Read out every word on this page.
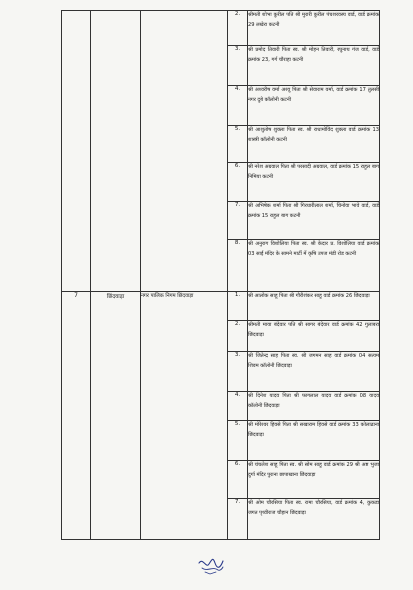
			2.	श्रीमती शोभा कुरील पति श्री मुरारी कुरील पंचशरवस्य वार्ड, वार्ड क्रमांक 29 लखेरा कटनी
			3.	श्री प्रमोद तिवारी पिता स्व. श्री मोहन तिवारी, रघुनाथ गंज वार्ड, वार्ड क्रमांक 23, गर्ग चौराहा कटनी
			4.	श्री अश्वरीष वर्मा अश्वू पिता श्री सेवाराम वर्मा, वार्ड क्रमांक 17 तुलसी नगर दुबे कॉलोनी कटनी
			5.	श्री आशुतोष शुक्ला पिता स्व. श्री राधामोविंद शुक्ला वार्ड क्रमांक 13 शास्त्री कॉलोनी कटनी
			6.	श्री नरेश अग्रवाल पिता श्री परसादी अग्रवाल, वार्ड क्रमांक 15 राहुल बाग निमिया कटनी
			7.	श्री अभिषेक शर्मा पिता श्री गिरधारीलाल शर्मा, चिनोवा भावे वार्ड, वार्ड क्रमांक 15 राहुल बाग कटनी
			8.	श्री अनुराग विशोलिया पिता स्व. श्री केदार प्र. विशोलिया वार्ड क्रमांक 03 साईं मंदिर के सामने मार्टी में कृषि उपज मंडी रोड कटनी
7	छिंदवाड़ा	नगर पालिक निगम छिंदवाड़ा	1.	श्री आलोक साहू पिता श्री गौरीशंकर साहू वार्ड क्रमांक 26 छिंदवाड़ा
			2.	श्रीमती माया बंदेवार पति श्री सागर बंदेवार वार्ड क्रमांक 42 गुलाबरा छिंदवाड़ा
			3.	श्री जितेन्द्र साह पिता स्व. श्री जगमन साह वार्ड क्रमांक 04 सत्यम शिवम कॉलोनी छिंदवाड़ा
			4.	श्री दिनेश यादव पिता श्री फागलाल यादव वार्ड क्रमांक 08 यादव कॉलोनी छिंदवाड़ा
			5.	श्री मोरेश्वर हिवसे पिता श्री सखाराम हिवसे वार्ड क्रमांक 33 कोलाढाना छिंदवाड़ा
			6.	श्री चंचलेश साहू पिता स्व. श्री सोम साहू वार्ड क्रमांक 29 श्री अष्ट भुजा दुर्गा मंदिर पुराना छापाखाना छिंदवाड़ा
			7.	श्री ओम चौरसिया पिता स्व. रामा चौरसिया, वार्ड क्रमांक 4, कुकडा जगत पृथ्वीराज चौहान छिंदवाड़ा
